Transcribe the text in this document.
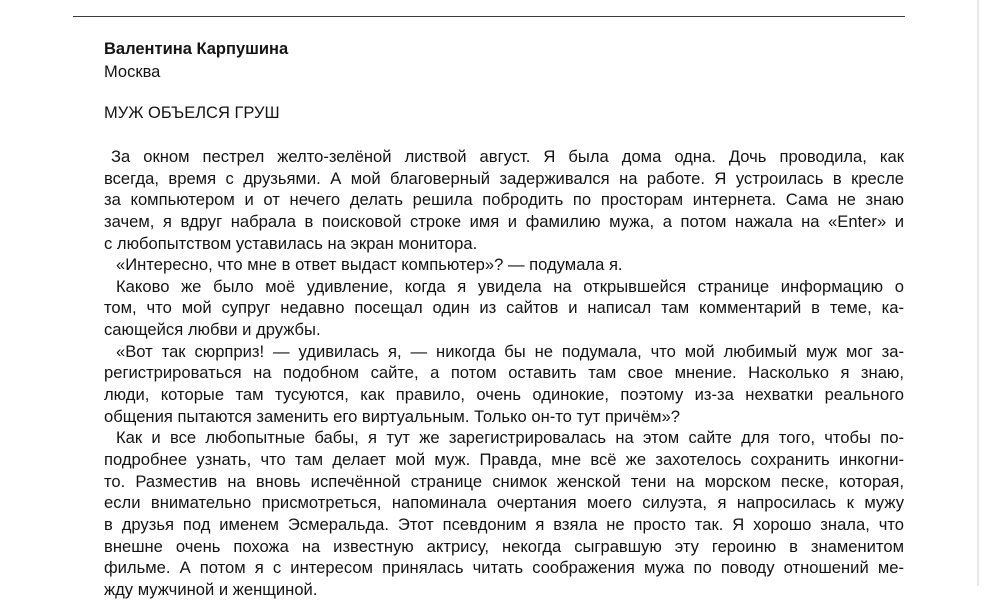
Валентина Карпушина
Москва
МУЖ ОБЪЕЛСЯ ГРУШ
За окном пестрел желто-зелёной листвой август. Я была дома одна. Дочь проводила, как
всегда, время с друзьями. А мой благоверный задерживался на работе. Я устроилась в кресле
за компьютером и от нечего делать решила побродить по просторам интернета. Сама не знаю
зачем, я вдруг набрала в поисковой строке имя и фамилию мужа, а потом нажала на «Enter» и
с любопытством уставилась на экран монитора.
«Интересно, что мне в ответ выдаст компьютер»? — подумала я.
Каково же было моё удивление, когда я увидела на открывшейся странице информацию о
том, что мой супруг недавно посещал один из сайтов и написал там комментарий в теме, ка-
сающейся любви и дружбы.
«Вот так сюрприз! — удивилась я, — никогда бы не подумала, что мой любимый муж мог за-
регистрироваться на подобном сайте, а потом оставить там свое мнение. Насколько я знаю,
люди, которые там тусуются, как правило, очень одинокие, поэтому из-за нехватки реального
общения пытаются заменить его виртуальным. Только он-то тут причём»?
Как и все любопытные бабы, я тут же зарегистрировалась на этом сайте для того, чтобы по-
подробнее узнать, что там делает мой муж. Правда, мне всё же захотелось сохранить инкогни-
то. Разместив на вновь испечённой странице снимок женской тени на морском песке, которая,
если внимательно присмотреться, напоминала очертания моего силуэта, я напросилась к мужу
в друзья под именем Эсмеральда. Этот псевдоним я взяла не просто так. Я хорошо знала, что
внешне очень похожа на известную актрису, некогда сыгравшую эту героиню в знаменитом
фильме. А потом я с интересом принялась читать соображения мужа по поводу отношений ме-
жду мужчиной и женщиной.
